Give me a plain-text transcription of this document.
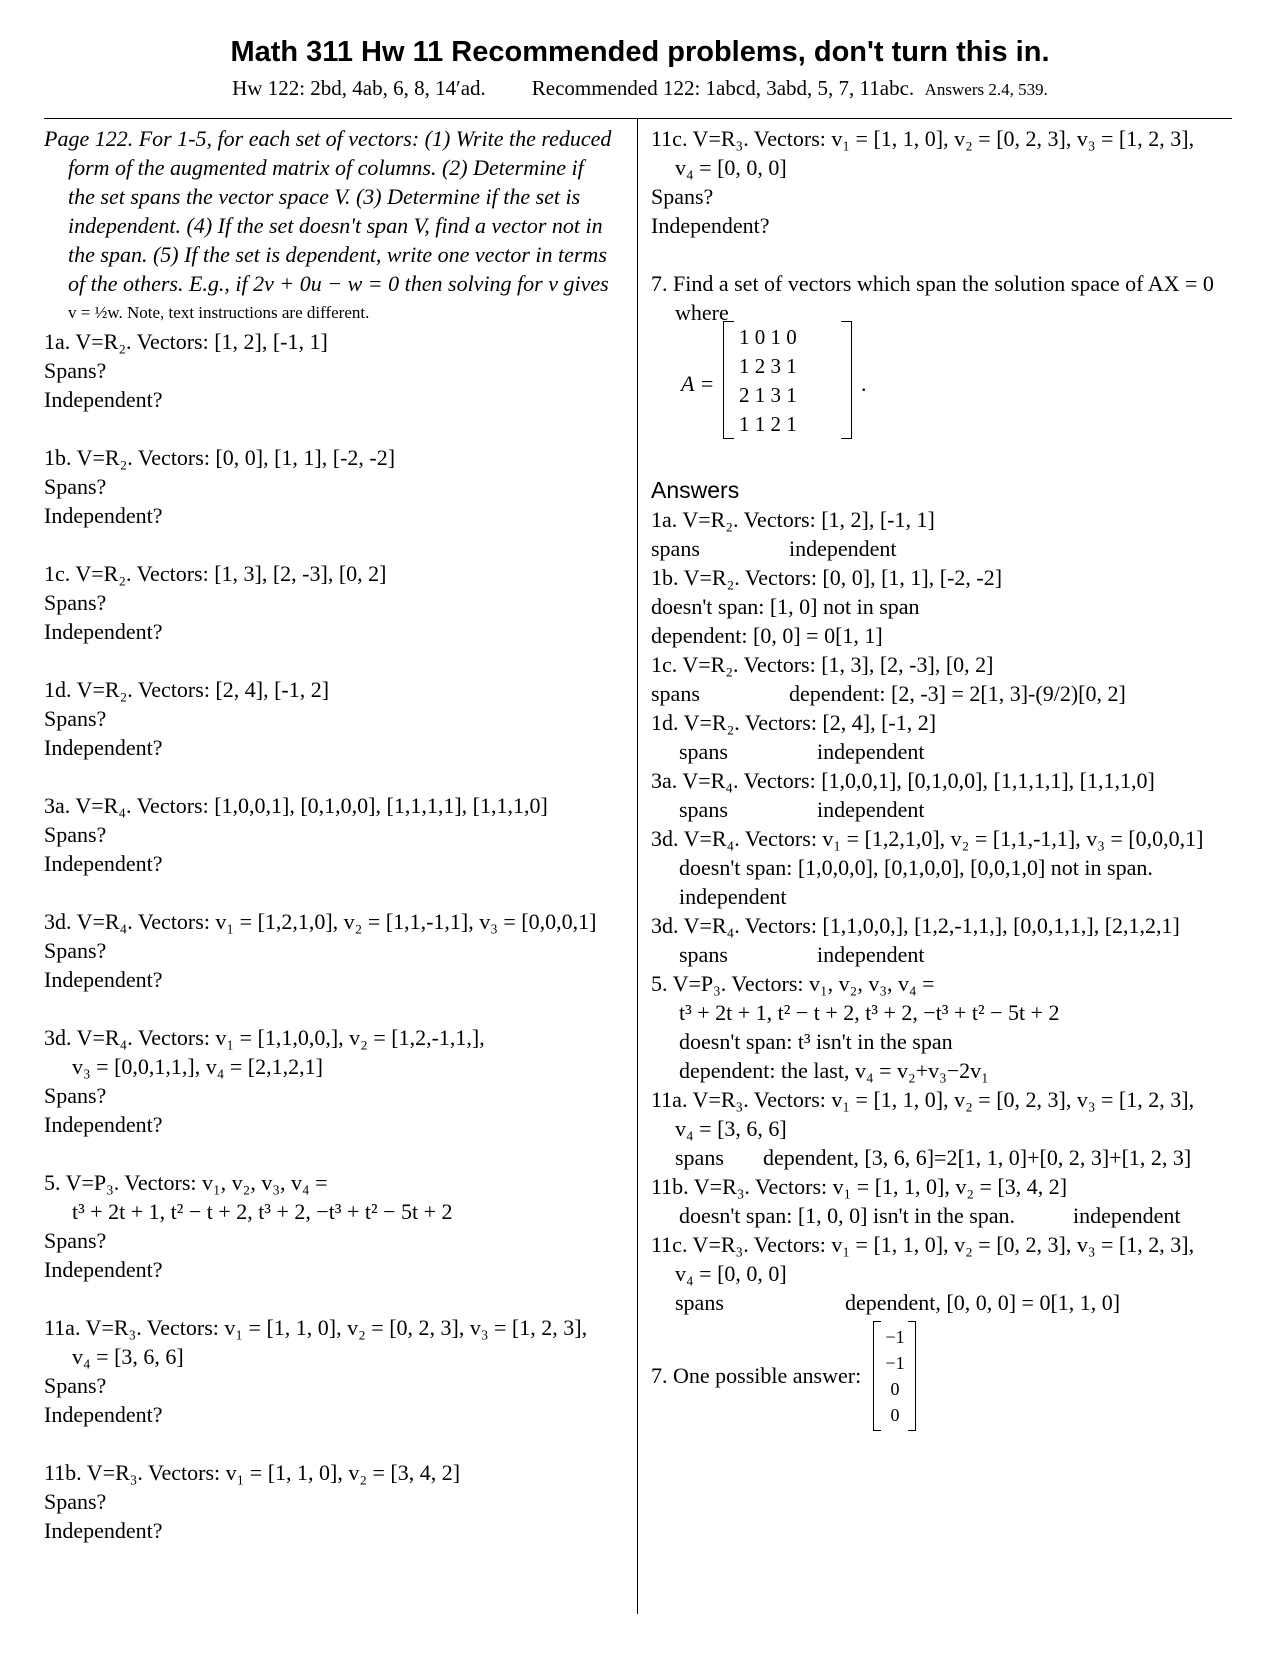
Math 311 Hw 11 Recommended problems, don't turn this in.
Hw 122: 2bd, 4ab, 6, 8, 14′ad. Recommended 122: 1abcd, 3abd, 5, 7, 11abc. Answers 2.4, 539.
Page 122. For 1-5, for each set of vectors: (1) Write the reduced
form of the augmented matrix of columns. (2) Determine if
the set spans the vector space V. (3) Determine if the set is
independent. (4) If the set doesn't span V, find a vector not in
the span. (5) If the set is dependent, write one vector in terms
of the others. E.g., if 2v + 0u − w = 0 then solving for v gives
v = ½w. Note, text instructions are different.
1a. V=R₂. Vectors: [1, 2], [-1, 1]
Spans?
Independent?
1b. V=R₂. Vectors: [0, 0], [1, 1], [-2, -2]
Spans?
Independent?
1c. V=R₂. Vectors: [1, 3], [2, -3], [0, 2]
Spans?
Independent?
1d. V=R₂. Vectors: [2, 4], [-1, 2]
Spans?
Independent?
3a. V=R₄. Vectors: [1,0,0,1], [0,1,0,0], [1,1,1,1], [1,1,1,0]
Spans?
Independent?
3d. V=R₄. Vectors: v₁ = [1,2,1,0], v₂ = [1,1,-1,1], v₃ = [0,0,0,1]
Spans?
Independent?
3d. V=R₄. Vectors: v₁ = [1,1,0,0,], v₂ = [1,2,-1,1,],
v₃ = [0,0,1,1,], v₄ = [2,1,2,1]
Spans?
Independent?
5. V=P₃. Vectors: v₁, v₂, v₃, v₄ =
t³ + 2t + 1, t² − t + 2, t³ + 2, −t³ + t² − 5t + 2
Spans?
Independent?
11a. V=R₃. Vectors: v₁ = [1, 1, 0], v₂ = [0, 2, 3], v₃ = [1, 2, 3],
v₄ = [3, 6, 6]
Spans?
Independent?
11b. V=R₃. Vectors: v₁ = [1, 1, 0], v₂ = [3, 4, 2]
Spans?
Independent?
11c. V=R₃. Vectors: v₁ = [1, 1, 0], v₂ = [0, 2, 3], v₃ = [1, 2, 3],
v₄ = [0, 0, 0]
Spans?
Independent?
7. Find a set of vectors which span the solution space of AX = 0
where
A =
1 0 1 0
1 2 3 1
2 1 3 1
1 1 2 1
.
Answers
1a. V=R₂. Vectors: [1, 2], [-1, 1]
spans	independent
1b. V=R₂. Vectors: [0, 0], [1, 1], [-2, -2]
doesn't span: [1, 0] not in span
dependent: [0, 0] = 0[1, 1]
1c. V=R₂. Vectors: [1, 3], [2, -3], [0, 2]
spans	dependent: [2, -3] = 2[1, 3]-(9/2)[0, 2]
1d. V=R₂. Vectors: [2, 4], [-1, 2]
spans	independent
3a. V=R₄. Vectors: [1,0,0,1], [0,1,0,0], [1,1,1,1], [1,1,1,0]
spans	independent
3d. V=R₄. Vectors: v₁ = [1,2,1,0], v₂ = [1,1,-1,1], v₃ = [0,0,0,1]
doesn't span: [1,0,0,0], [0,1,0,0], [0,0,1,0] not in span.
independent
3d. V=R₄. Vectors: [1,1,0,0,], [1,2,-1,1,], [0,0,1,1,], [2,1,2,1]
spans	independent
5. V=P₃. Vectors: v₁, v₂, v₃, v₄ =
t³ + 2t + 1, t² − t + 2, t³ + 2, −t³ + t² − 5t + 2
doesn't span: t³ isn't in the span
dependent: the last, v₄ = v₂+v₃−2v₁
11a. V=R₃. Vectors: v₁ = [1, 1, 0], v₂ = [0, 2, 3], v₃ = [1, 2, 3],
v₄ = [3, 6, 6]
spans dependent, [3, 6, 6]=2[1, 1, 0]+[0, 2, 3]+[1, 2, 3]
11b. V=R₃. Vectors: v₁ = [1, 1, 0], v₂ = [3, 4, 2]
doesn't span: [1, 0, 0] isn't in the span.	independent
11c. V=R₃. Vectors: v₁ = [1, 1, 0], v₂ = [0, 2, 3], v₃ = [1, 2, 3],
v₄ = [0, 0, 0]
spans	dependent, [0, 0, 0] = 0[1, 1, 0]
7. One possible answer:
−1
−1
0
0
